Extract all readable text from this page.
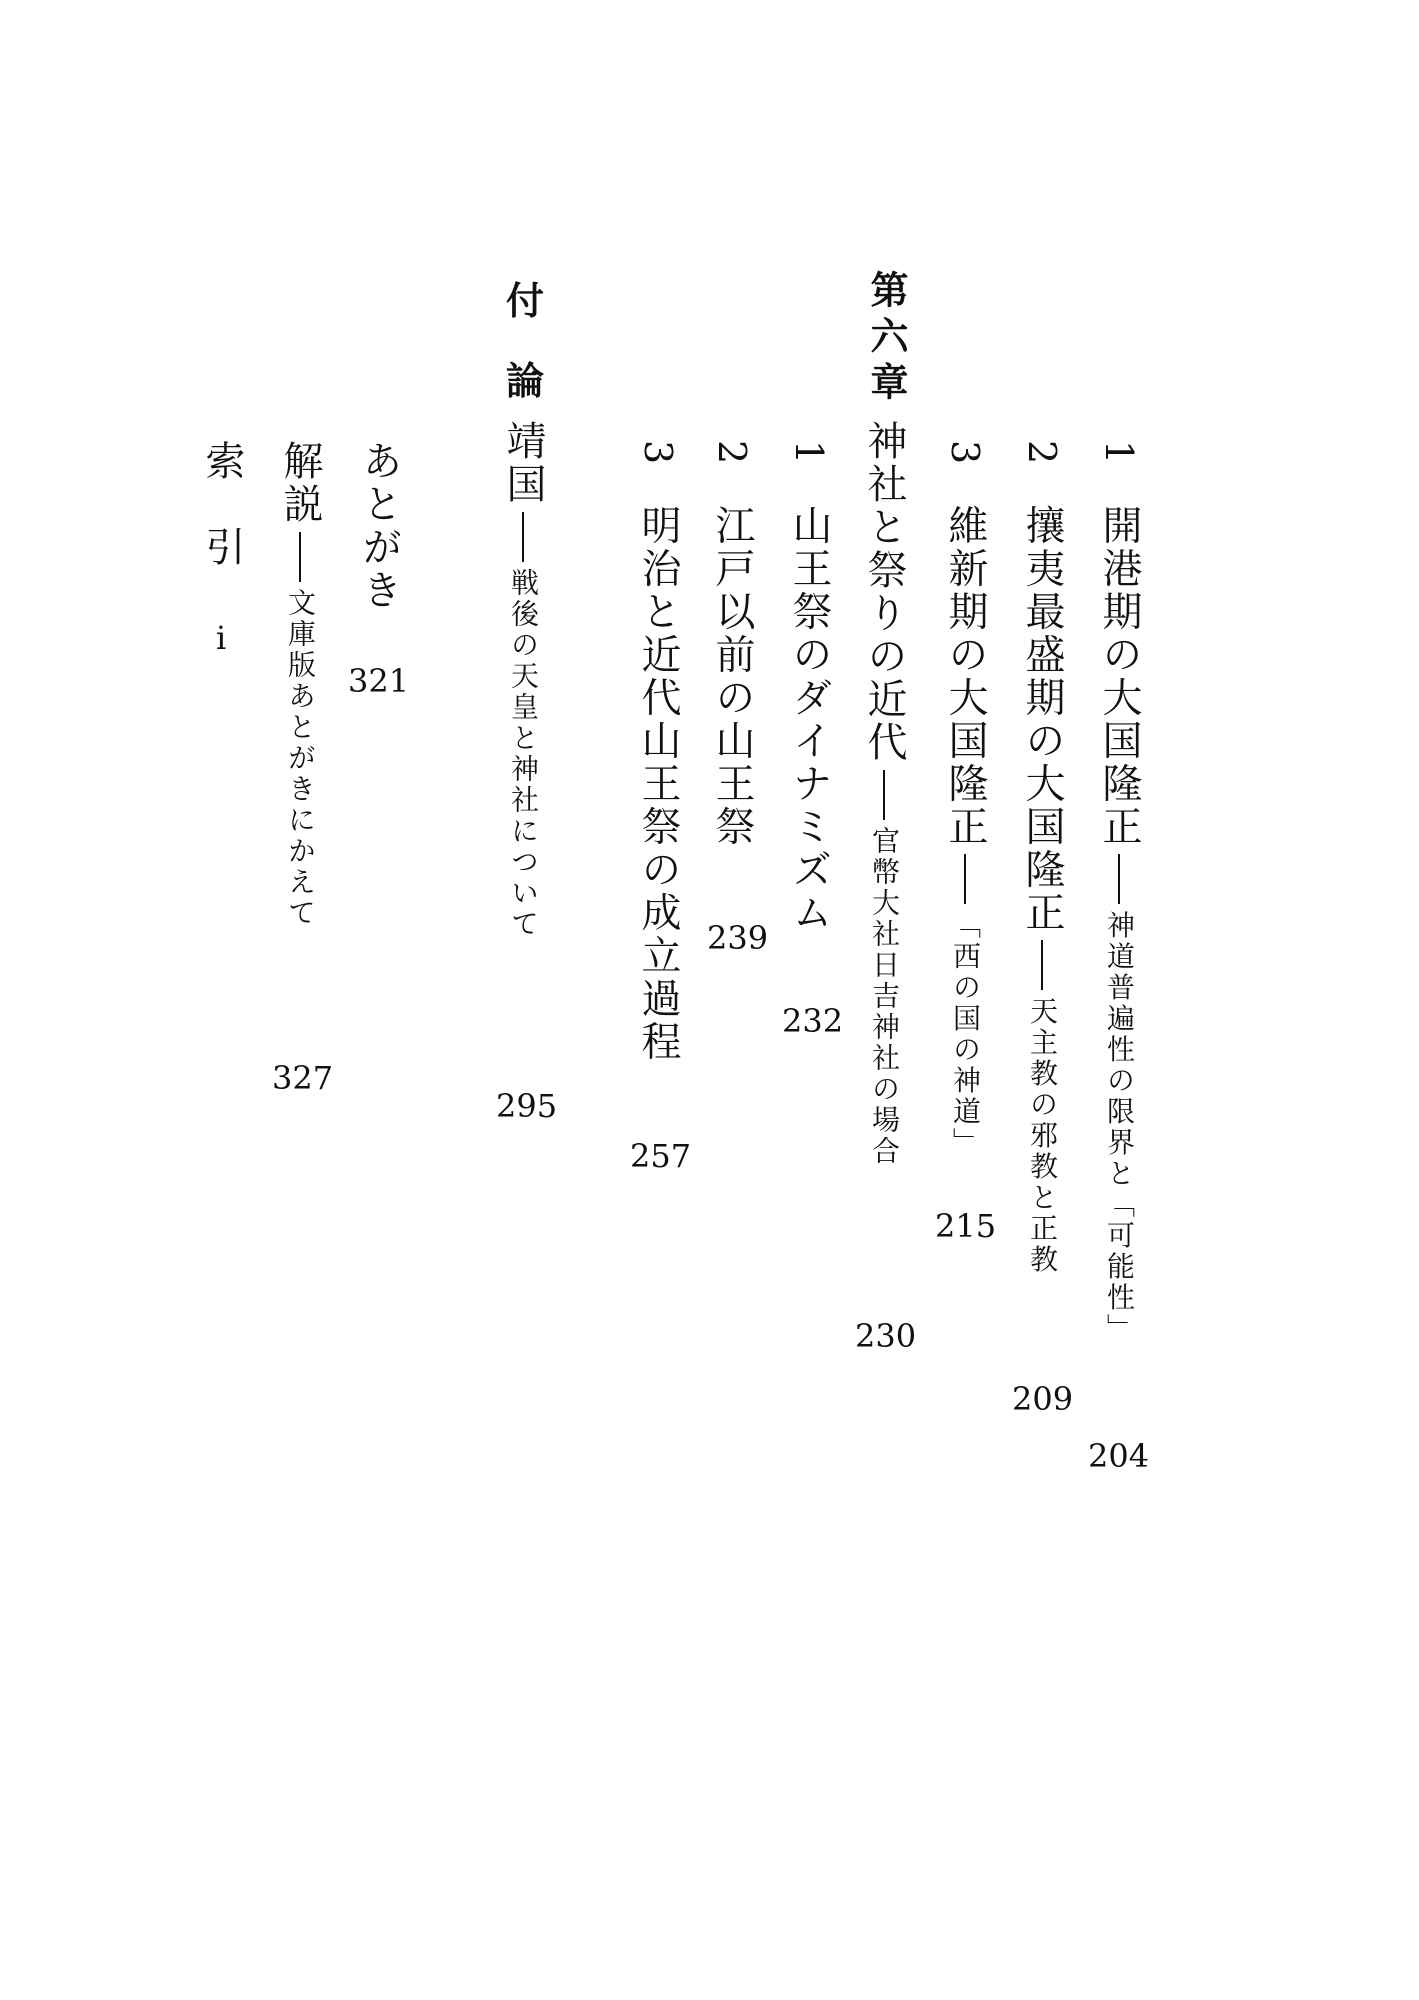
1開港期の大国隆正神道普遍性の限界と「可能性」
204
2攘夷最盛期の大国隆正天主教の邪教と正教
209
3維新期の大国隆正「西の国の神道」
215
第六章
神社と祭りの近代官幣大社日吉神社の場合
230
1山王祭のダイナミズム
232
2江戸以前の山王祭
239
3明治と近代山王祭の成立過程
257
付
論
靖国戦後の天皇と神社について
295
あとがき
321
解説文庫版あとがきにかえて
327
索　引
i
